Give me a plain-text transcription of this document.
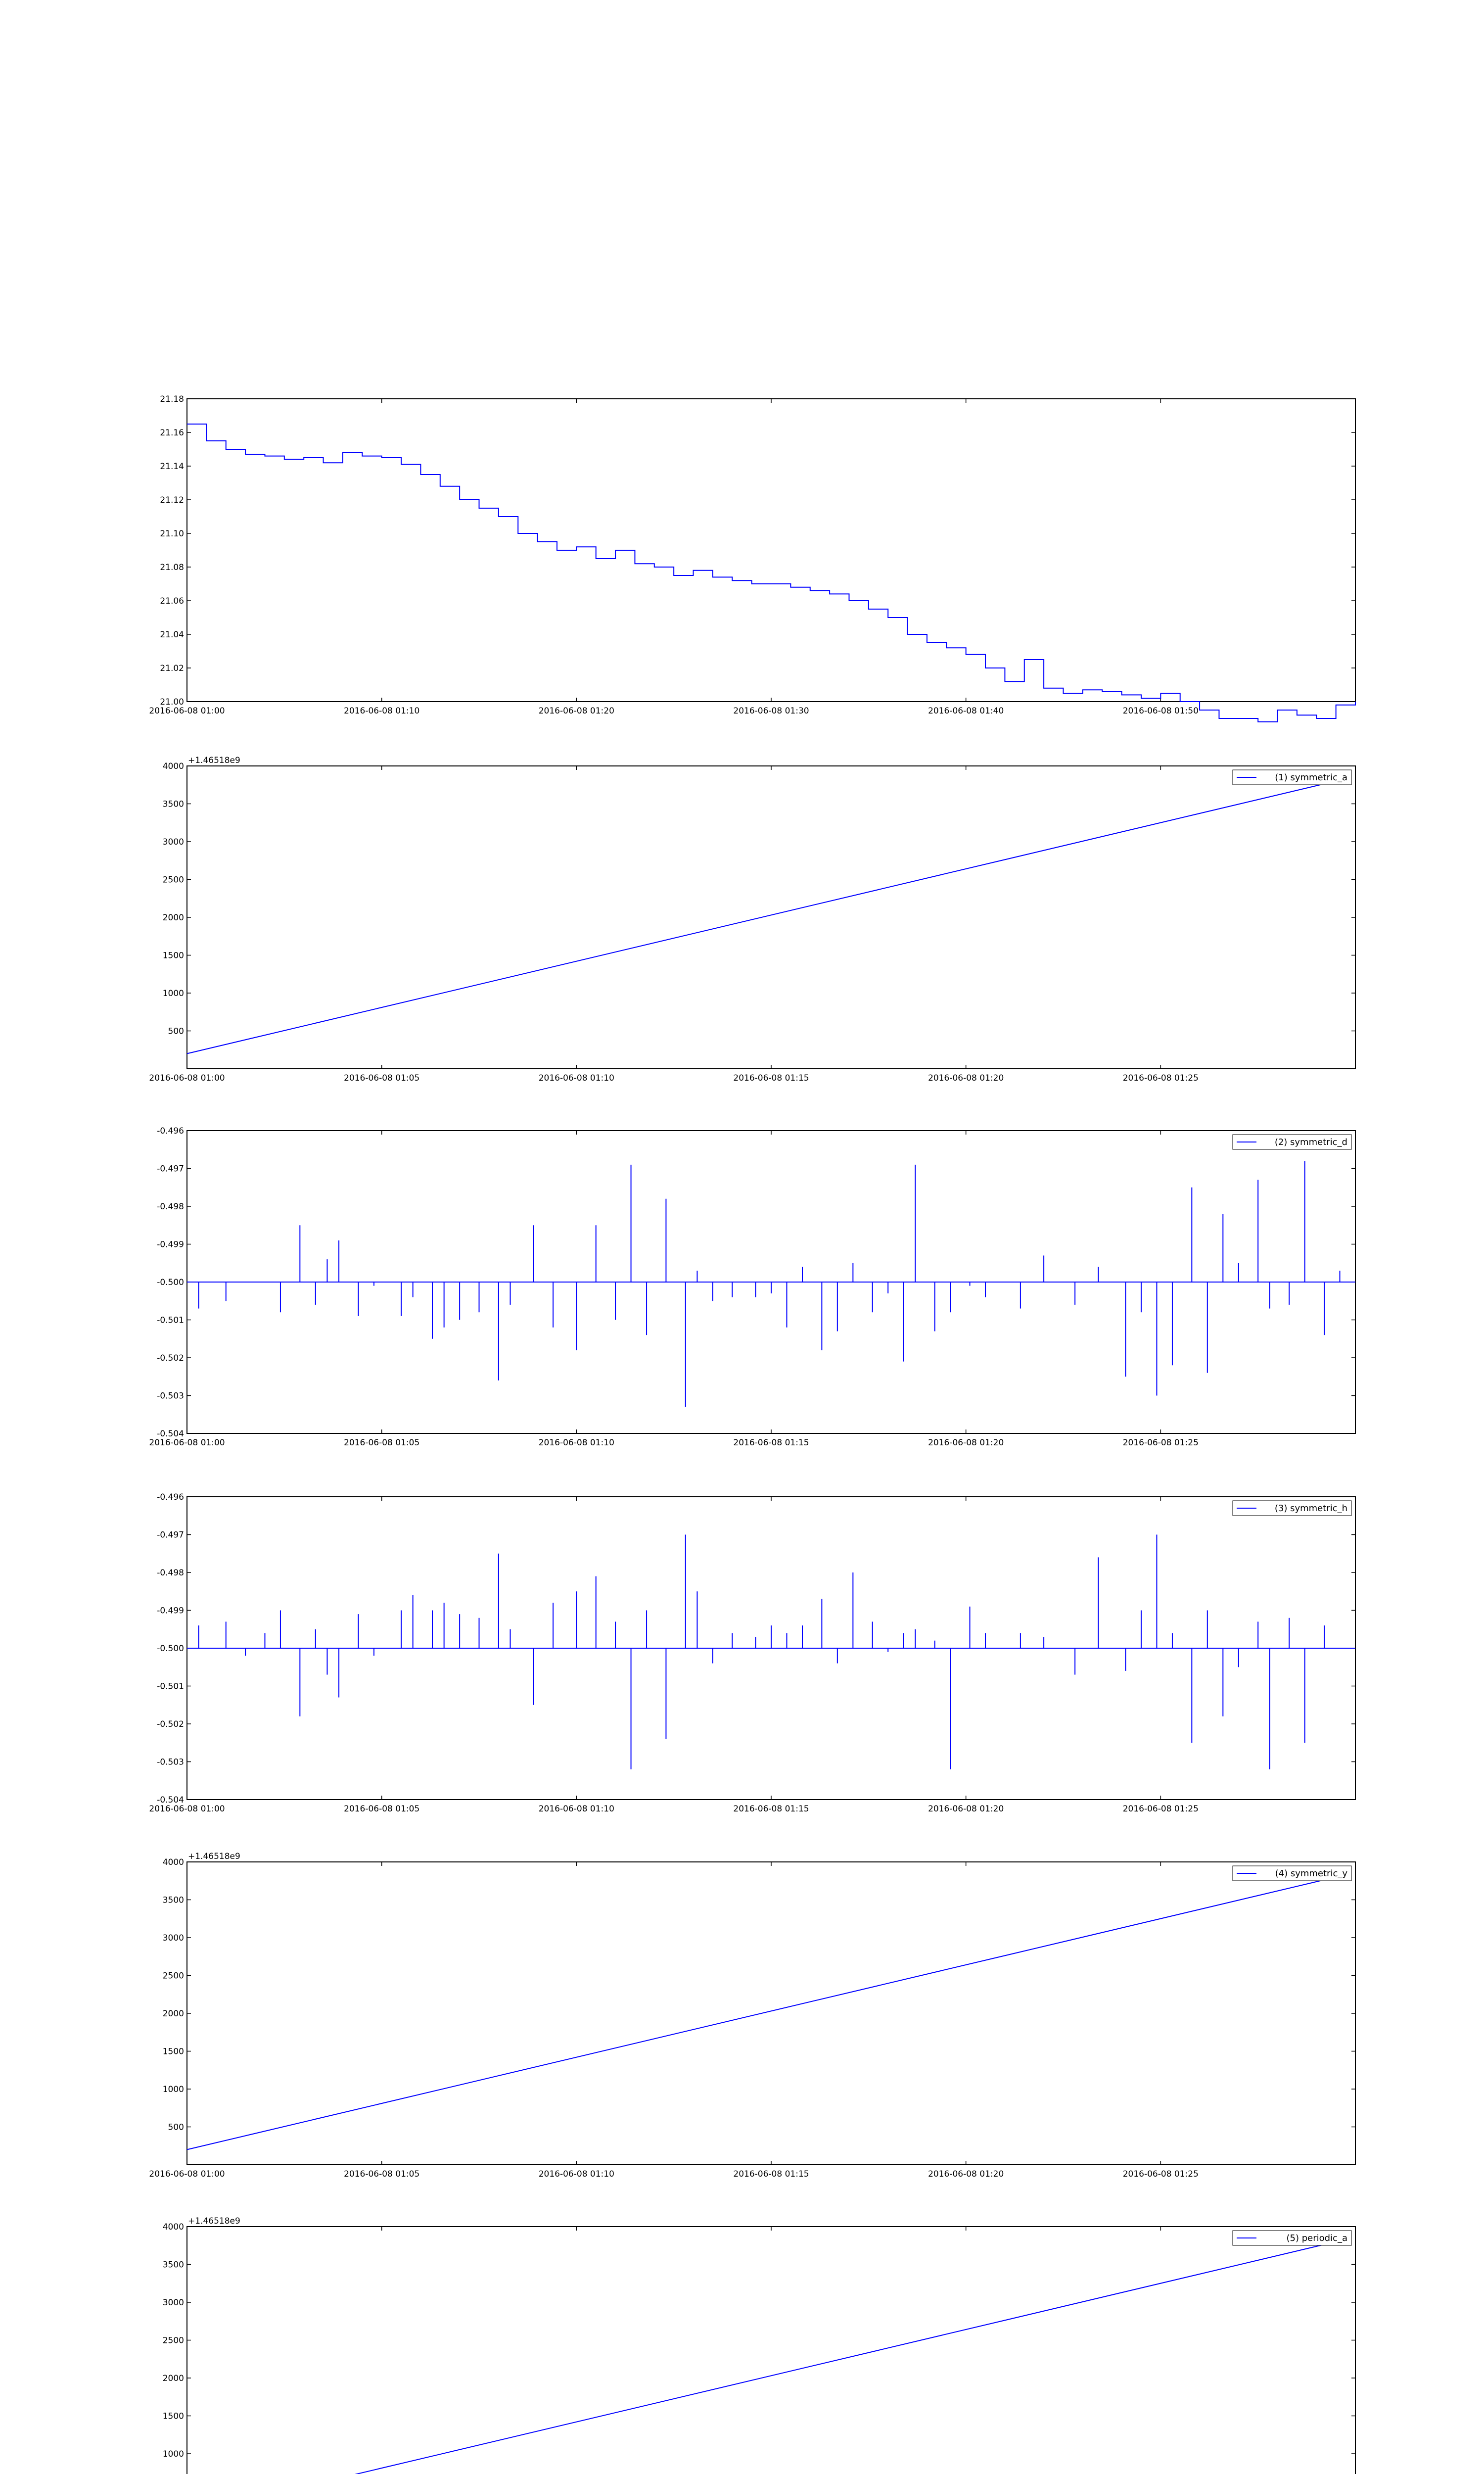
2016-06-08 01:00	2016-06-08 01:10	2016-06-08 01:20	2016-06-08 01:30	2016-06-08 01:40	2016-06-08 01:50
21.00
21.02
21.04
21.06
21.08
21.10
21.12
21.14
21.16
21.18
2016-06-08 01:00	2016-06-08 01:05	2016-06-08 01:10	2016-06-08 01:15	2016-06-08 01:20	2016-06-08 01:25
500
1000
1500
2000
2500
3000
3500
4000
+1.46518e9
(1) symmetric_a
2016-06-08 01:00	2016-06-08 01:05	2016-06-08 01:10	2016-06-08 01:15	2016-06-08 01:20	2016-06-08 01:25
-0.504
-0.503
-0.502
-0.501
-0.500
-0.499
-0.498
-0.497
-0.496
(2) symmetric_d
2016-06-08 01:00	2016-06-08 01:05	2016-06-08 01:10	2016-06-08 01:15	2016-06-08 01:20	2016-06-08 01:25
-0.504
-0.503
-0.502
-0.501
-0.500
-0.499
-0.498
-0.497
-0.496
(3) symmetric_h
2016-06-08 01:00	2016-06-08 01:05	2016-06-08 01:10	2016-06-08 01:15	2016-06-08 01:20	2016-06-08 01:25
500
1000
1500
2000
2500
3000
3500
4000
+1.46518e9
(4) symmetric_y
1000
1500
2000
2500
3000
3500
4000
+1.46518e9
(5) periodic_a
